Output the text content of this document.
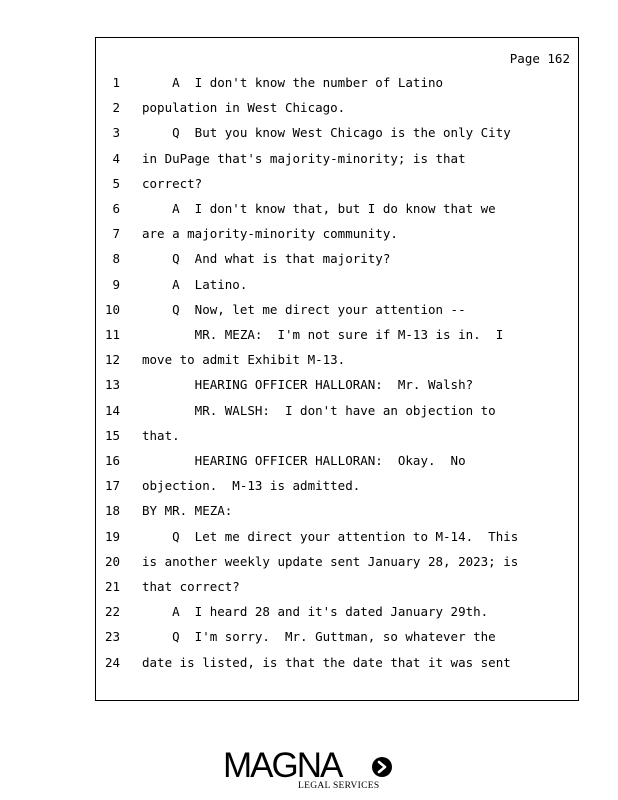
Page 162
1 A  I don't know the number of Latino
2 population in West Chicago.
3 Q  But you know West Chicago is the only City
4 in DuPage that's majority-minority; is that
5 correct?
6 A  I don't know that, but I do know that we
7 are a majority-minority community.
8 Q  And what is that majority?
9 A  Latino.
10 Q  Now, let me direct your attention --
11 MR. MEZA:  I'm not sure if M-13 is in.  I
12 move to admit Exhibit M-13.
13 HEARING OFFICER HALLORAN:  Mr. Walsh?
14 MR. WALSH:  I don't have an objection to
15 that.
16 HEARING OFFICER HALLORAN:  Okay.  No
17 objection.  M-13 is admitted.
18 BY MR. MEZA:
19 Q  Let me direct your attention to M-14.  This
20 is another weekly update sent January 28, 2023; is
21 that correct?
22 A  I heard 28 and it's dated January 29th.
23 Q  I'm sorry.  Mr. Guttman, so whatever the
24 date is listed, is that the date that it was sent
MAGNA
LEGAL SERVICES
